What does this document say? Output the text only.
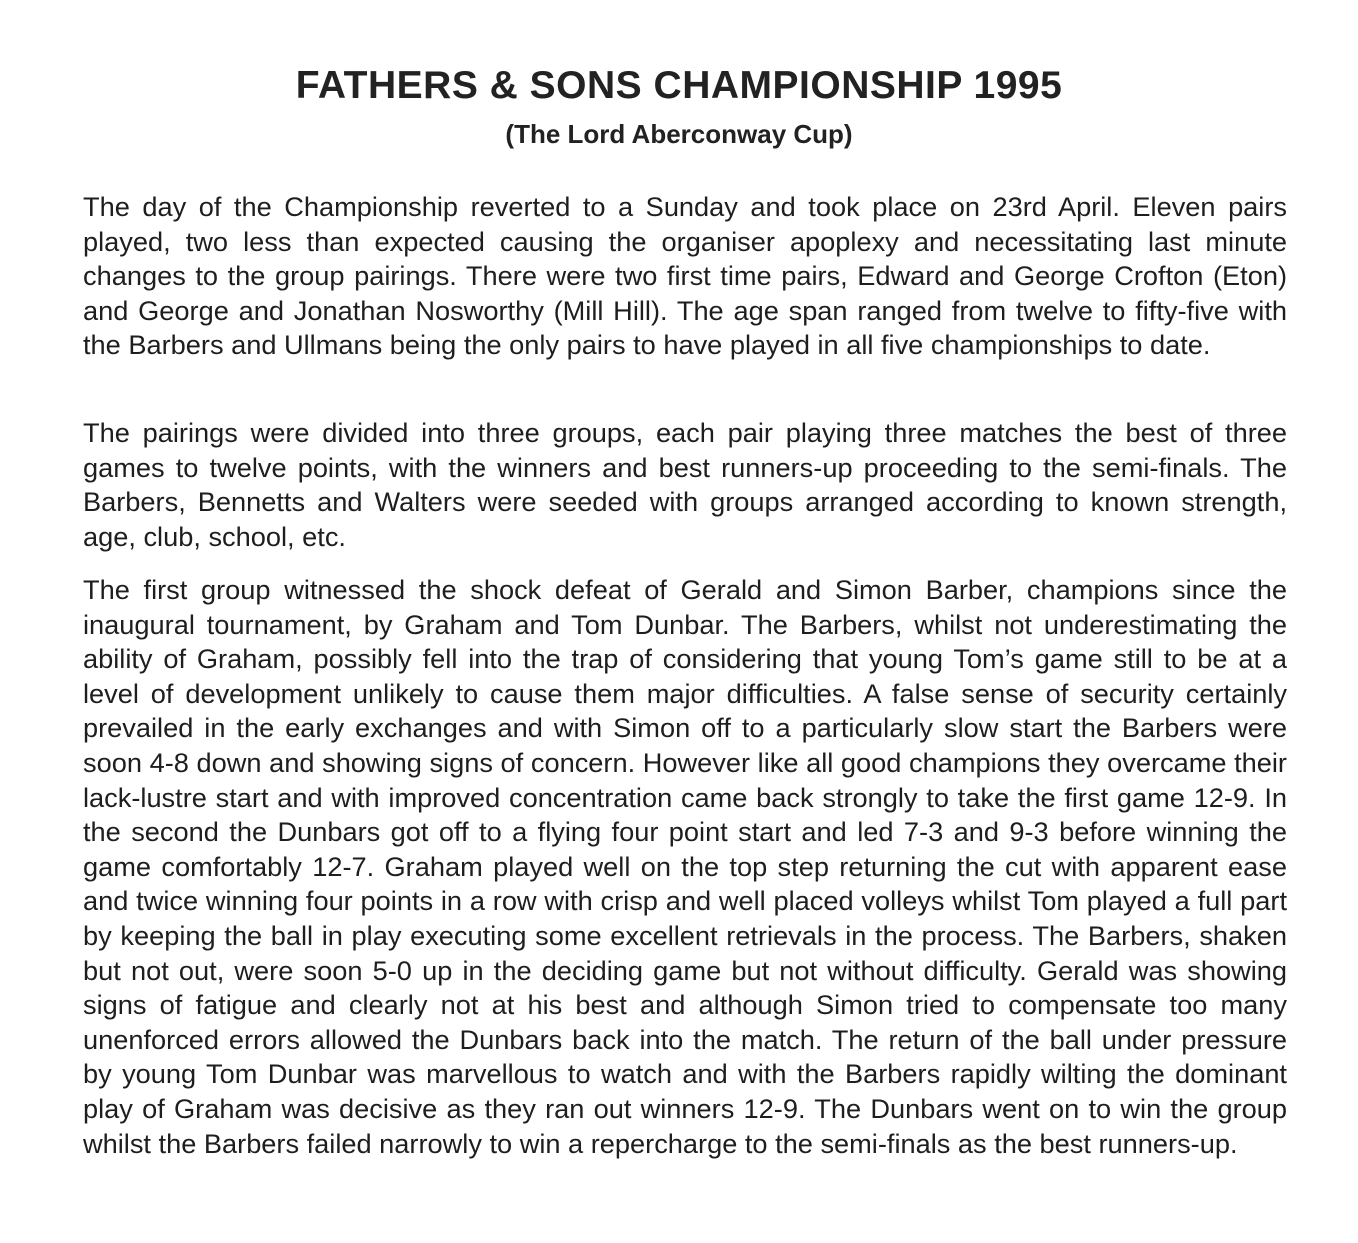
FATHERS & SONS CHAMPIONSHIP 1995
(The Lord Aberconway Cup)

The day of the Championship reverted to a Sunday and took place on 23rd April. Eleven pairs played, two less than expected causing the organiser apoplexy and necessitating last minute changes to the group pairings. There were two first time pairs, Edward and George Crofton (Eton) and George and Jonathan Nosworthy (Mill Hill). The age span ranged from twelve to fifty-five with the Barbers and Ullmans being the only pairs to have played in all five championships to date.

The pairings were divided into three groups, each pair playing three matches the best of three games to twelve points, with the winners and best runners-up proceeding to the semi-finals. The Barbers, Bennetts and Walters were seeded with groups arranged according to known strength, age, club, school, etc.

The first group witnessed the shock defeat of Gerald and Simon Barber, champions since the inaugural tournament, by Graham and Tom Dunbar. The Barbers, whilst not underestimating the ability of Graham, possibly fell into the trap of considering that young Tom’s game still to be at a level of development unlikely to cause them major difficulties. A false sense of security certainly prevailed in the early exchanges and with Simon off to a particularly slow start the Barbers were soon 4-8 down and showing signs of concern. However like all good champions they overcame their lack-lustre start and with improved concentration came back strongly to take the first game 12-9. In the second the Dunbars got off to a flying four point start and led 7-3 and 9-3 before winning the game comfortably 12-7. Graham played well on the top step returning the cut with apparent ease and twice winning four points in a row with crisp and well placed volleys whilst Tom played a full part by keeping the ball in play executing some excellent retrievals in the process. The Barbers, shaken but not out, were soon 5-0 up in the deciding game but not without difficulty. Gerald was showing signs of fatigue and clearly not at his best and although Simon tried to compensate too many unenforced errors allowed the Dunbars back into the match. The return of the ball under pressure by young Tom Dunbar was marvellous to watch and with the Barbers rapidly wilting the dominant play of Graham was decisive as they ran out winners 12-9. The Dunbars went on to win the group whilst the Barbers failed narrowly to win a repercharge to the semi-finals as the best runners-up.
